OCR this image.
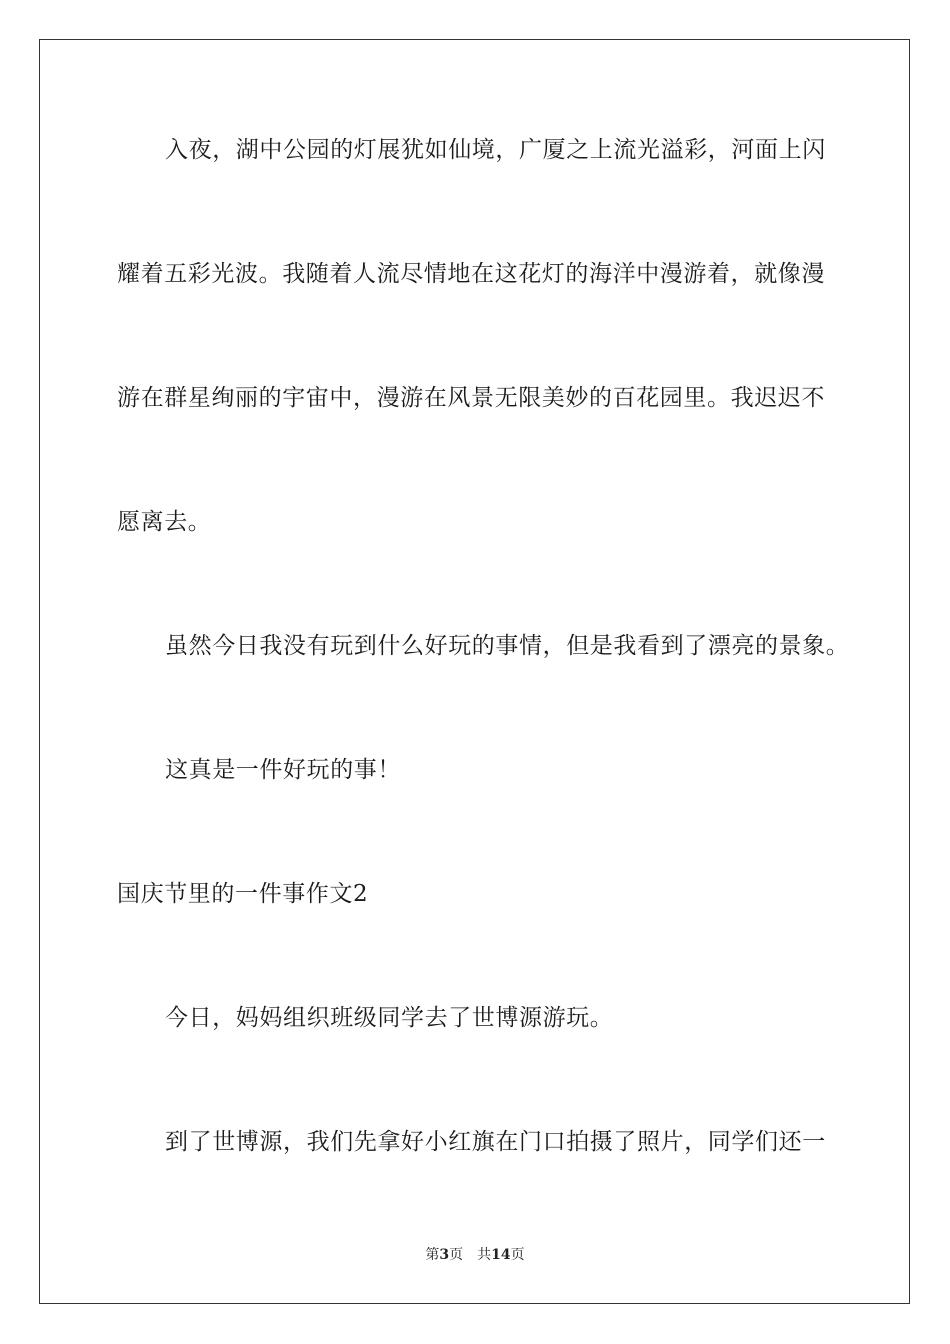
入夜，湖中公园的灯展犹如仙境，广厦之上流光溢彩，河面上闪
耀着五彩光波。我随着人流尽情地在这花灯的海洋中漫游着，就像漫
游在群星绚丽的宇宙中，漫游在风景无限美妙的百花园里。我迟迟不
愿离去。
虽然今日我没有玩到什么好玩的事情，但是我看到了漂亮的景象。
这真是一件好玩的事！
国庆节里的一件事作文2
今日，妈妈组织班级同学去了世博源游玩。
到了世博源，我们先拿好小红旗在门口拍摄了照片，同学们还一
第3页 共14页
